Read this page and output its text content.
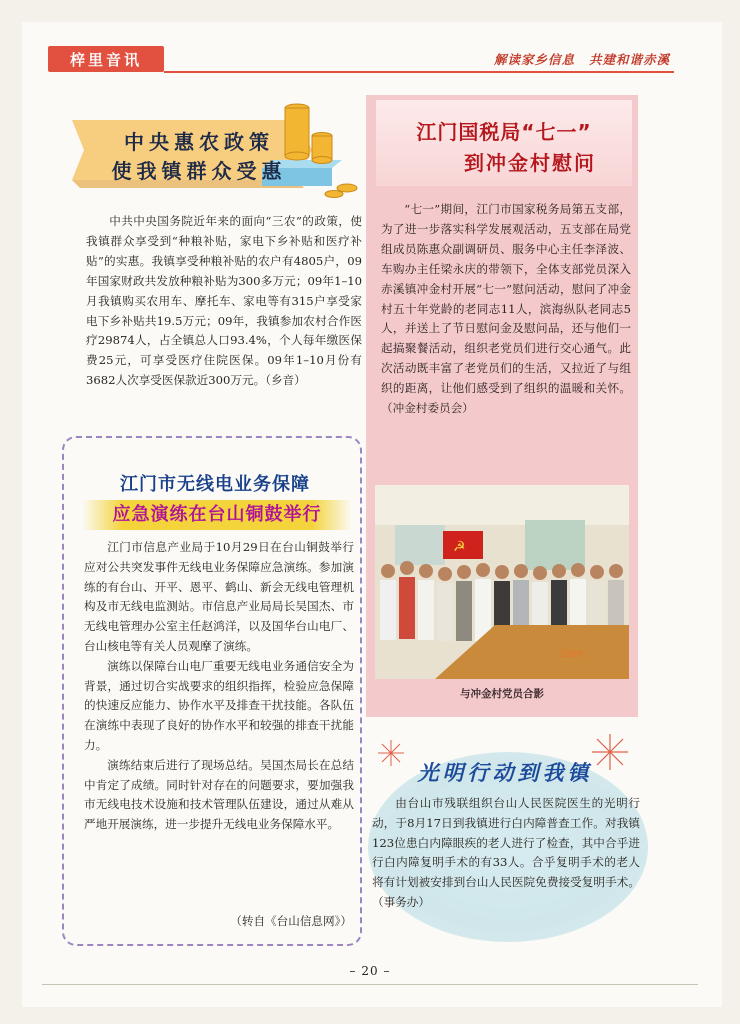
梓里音讯	解读家乡信息 共建和谐赤溪
中央惠农政策
使我镇群众受惠
中共中央国务院近年来的面向“三农”的政策，使我镇群众享受到“种粮补贴，家电下乡补贴和医疗补贴”的实惠。我镇享受种粮补贴的农户有4805户，09年国家财政共发放种粮补贴为300多万元；09年1–10月我镇购买农用车、摩托车、家电等有315户享受家电下乡补贴共19.5万元；09年，我镇参加农村合作医疗29874人，占全镇总人口93.4%，个人每年缴医保费25元，可享受医疗住院医保。09年1–10月份有3682人次享受医保款近300万元。（乡音）
江门市无线电业务保障
应急演练在台山铜鼓举行

江门市信息产业局于10月29日在台山铜鼓举行应对公共突发事件无线电业务保障应急演练。参加演练的有台山、开平、恩平、鹤山、新会无线电管理机构及市无线电监测站。市信息产业局局长吴国杰、市无线电管理办公室主任赵鸿洋，以及国华台山电厂、台山核电等有关人员观摩了演练。

演练以保障台山电厂重要无线电业务通信安全为背景，通过切合实战要求的组织指挥，检验应急保障的快速反应能力、协作水平及排查干扰技能。各队伍在演练中表现了良好的协作水平和较强的排查干扰能力。

演练结束后进行了现场总结。吴国杰局长在总结中肯定了成绩。同时针对存在的问题要求，要加强我市无线电技术设施和技术管理队伍建设，通过从难从严地开展演练，进一步提升无线电业务保障水平。

（转自《台山信息网》）
江门国税局“七一”
到冲金村慰问
“七一”期间，江门市国家税务局第五支部，为了进一步落实科学发展观活动，五支部在局党组成员陈惠众副调研员、服务中心主任李泽波、车购办主任梁永庆的带领下，全体支部党员深入赤溪镇冲金村开展“七一”慰问活动，慰问了冲金村五十年党龄的老同志11人，滨海纵队老同志5人，并送上了节日慰问金及慰问品，还与他们一起搞聚餐活动，组织老党员们进行交心通气。此次活动既丰富了老党员们的生活，又拉近了与组织的距离，让他们感受到了组织的温暖和关怀。（冲金村委员会）
☭
2009
与冲金村党员合影
光明行动到我镇
由台山市残联组织台山人民医院医生的光明行动，于8月17日到我镇进行白内障普查工作。对我镇123位患白内障眼疾的老人进行了检查，其中合乎进行白内障复明手术的有33人。合乎复明手术的老人将有计划被安排到台山人民医院免费接受复明手术。（事务办）
– 20 –
